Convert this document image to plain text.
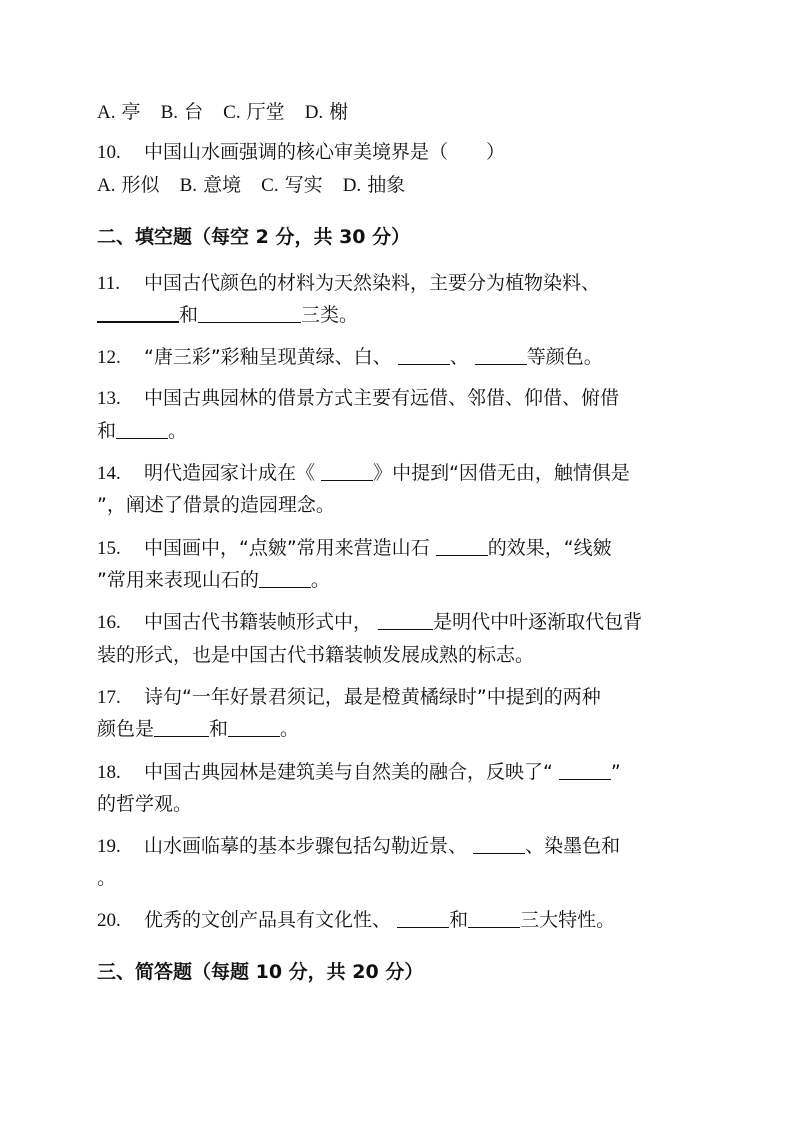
A. 亭 B. 台 C. 厅堂 D. 榭
10. 中国山水画强调的核心审美境界是（　　）
A. 形似 B. 意境 C. 写实 D. 抽象
二、填空题（每空 2 分，共 30 分）
11. 中国古代颜色的材料为天然染料，主要分为植物染料、
和	三类。
12. “唐三彩”彩釉呈现黄绿、白、	、	等颜色。
13. 中国古典园林的借景方式主要有远借、邻借、仰借、俯借
和	。
14. 明代造园家计成在《	》中提到“因借无由，触情俱是
”，阐述了借景的造园理念。
15. 中国画中，“点皴”常用来营造山石	的效果，“线皴
”常用来表现山石的	。
16. 中国古代书籍装帧形式中，	是明代中叶逐渐取代包背
装的形式，也是中国古代书籍装帧发展成熟的标志。
17. 诗句“一年好景君须记，最是橙黄橘绿时”中提到的两种
颜色是	和	。
18. 中国古典园林是建筑美与自然美的融合，反映了“	”
的哲学观。
19. 山水画临摹的基本步骤包括勾勒近景、	、染墨色和
。
20. 优秀的文创产品具有文化性、	和	三大特性。
三、简答题（每题 10 分，共 20 分）
